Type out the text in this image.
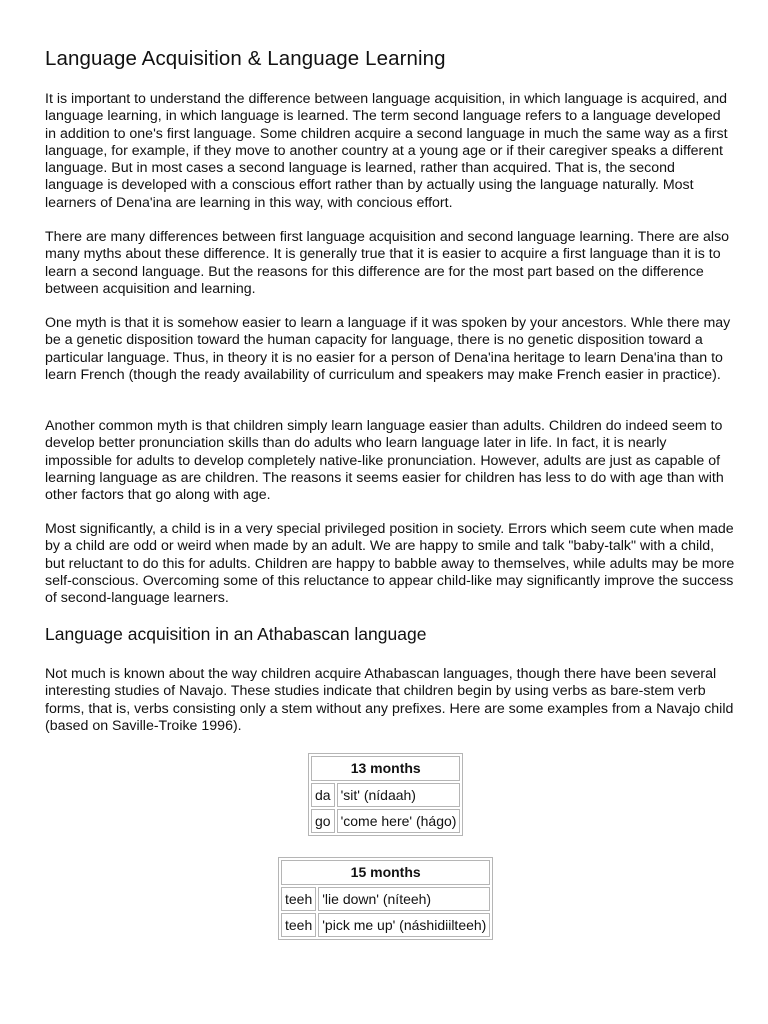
Language Acquisition & Language Learning

It is important to understand the difference between language acquisition, in which language is acquired, and language learning, in which language is learned. The term second language refers to a language developed in addition to one's first language. Some children acquire a second language in much the same way as a first language, for example, if they move to another country at a young age or if their caregiver speaks a different language. But in most cases a second language is learned, rather than acquired. That is, the second language is developed with a conscious effort rather than by actually using the language naturally. Most learners of Dena'ina are learning in this way, with concious effort.

There are many differences between first language acquisition and second language learning. There are also many myths about these difference. It is generally true that it is easier to acquire a first language than it is to learn a second language. But the reasons for this difference are for the most part based on the difference between acquisition and learning.

One myth is that it is somehow easier to learn a language if it was spoken by your ancestors. Whle there may be a genetic disposition toward the human capacity for language, there is no genetic disposition toward a particular language. Thus, in theory it is no easier for a person of Dena'ina heritage to learn Dena'ina than to learn French (though the ready availability of curriculum and speakers may make French easier in practice).

Another common myth is that children simply learn language easier than adults. Children do indeed seem to develop better pronunciation skills than do adults who learn language later in life. In fact, it is nearly impossible for adults to develop completely native-like pronunciation. However, adults are just as capable of learning language as are children. The reasons it seems easier for children has less to do with age than with other factors that go along with age.

Most significantly, a child is in a very special privileged position in society. Errors which seem cute when made by a child are odd or weird when made by an adult. We are happy to smile and talk "baby-talk" with a child, but reluctant to do this for adults. Children are happy to babble away to themselves, while adults may be more self-conscious. Overcoming some of this reluctance to appear child-like may significantly improve the success of second-language learners.

Language acquisition in an Athabascan language

Not much is known about the way children acquire Athabascan languages, though there have been several interesting studies of Navajo. These studies indicate that children begin by using verbs as bare-stem verb forms, that is, verbs consisting only a stem without any prefixes. Here are some examples from a Navajo child (based on Saville-Troike 1996).

13 months	
da	'sit' (nídaah)
go	'come here' (hágo)
15 months	
teeh	'lie down' (níteeh)
teeh	'pick me up' (náshidiilteeh)
